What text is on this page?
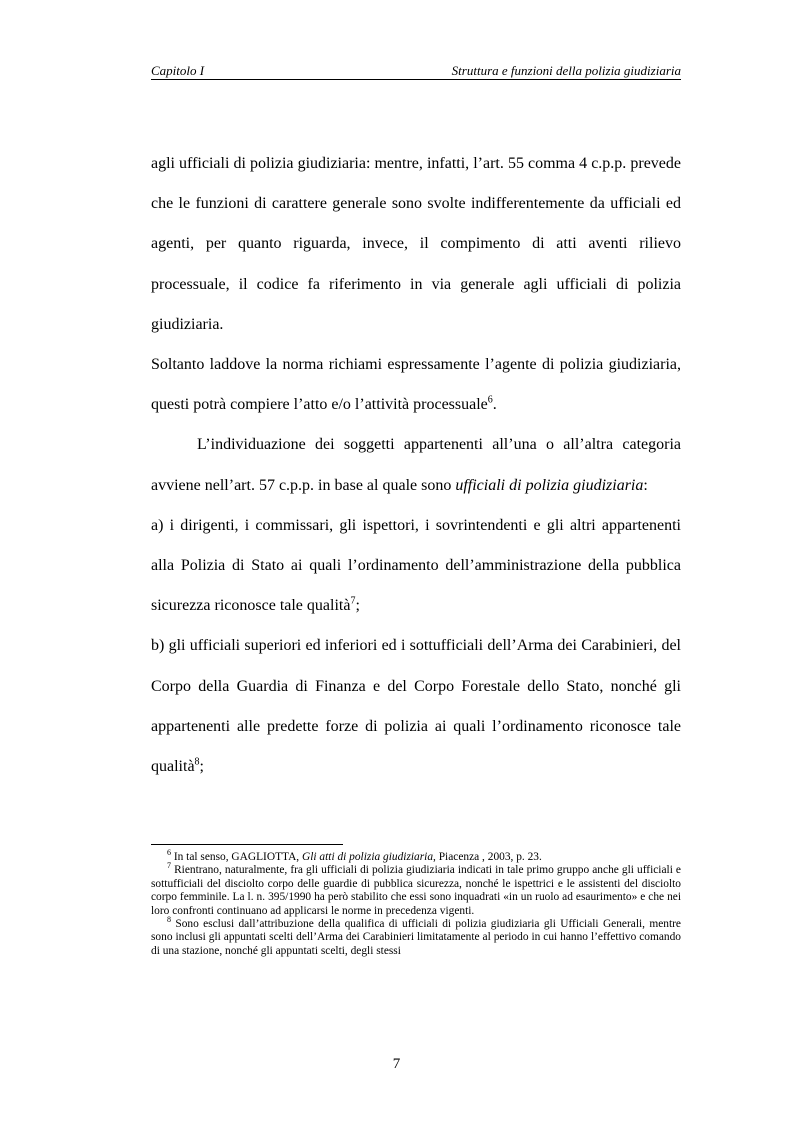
Capitolo I	Struttura e funzioni della polizia giudiziaria

agli ufficiali di polizia giudiziaria: mentre, infatti, l’art. 55 comma 4 c.p.p. prevede che le funzioni di carattere generale sono svolte indifferentemente da ufficiali ed agenti, per quanto riguarda, invece, il compimento di atti aventi rilievo processuale, il codice fa riferimento in via generale agli ufficiali di polizia giudiziaria.

Soltanto laddove la norma richiami espressamente l’agente di polizia giudiziaria, questi potrà compiere l’atto e/o l’attività processuale$^6$.

L’individuazione dei soggetti appartenenti all’una o all’altra categoria avviene nell’art. 57 c.p.p. in base al quale sono ufficiali di polizia giudiziaria:

a) i dirigenti, i commissari, gli ispettori, i sovrintendenti e gli altri appartenenti alla Polizia di Stato ai quali l’ordinamento dell’amministrazione della pubblica sicurezza riconosce tale qualità$^7$;

b) gli ufficiali superiori ed inferiori ed i sottufficiali dell’Arma dei Carabinieri, del Corpo della Guardia di Finanza e del Corpo Forestale dello Stato, nonché gli appartenenti alle predette forze di polizia ai quali l’ordinamento riconosce tale qualità$^8$;

$^6$ In tal senso, GAGLIOTTA, Gli atti di polizia giudiziaria, Piacenza , 2003, p. 23.

$^7$ Rientrano, naturalmente, fra gli ufficiali di polizia giudiziaria indicati in tale primo gruppo anche gli ufficiali e sottufficiali del disciolto corpo delle guardie di pubblica sicurezza, nonché le ispettrici e le assistenti del disciolto corpo femminile. La l. n. 395/1990 ha però stabilito che essi sono inquadrati «in un ruolo ad esaurimento» e che nei loro confronti continuano ad applicarsi le norme in precedenza vigenti.

$^8$ Sono esclusi dall’attribuzione della qualifica di ufficiali di polizia giudiziaria gli Ufficiali Generali, mentre sono inclusi gli appuntati scelti dell’Arma dei Carabinieri limitatamente al periodo in cui hanno l’effettivo comando di una stazione, nonché gli appuntati scelti, degli stessi

7
